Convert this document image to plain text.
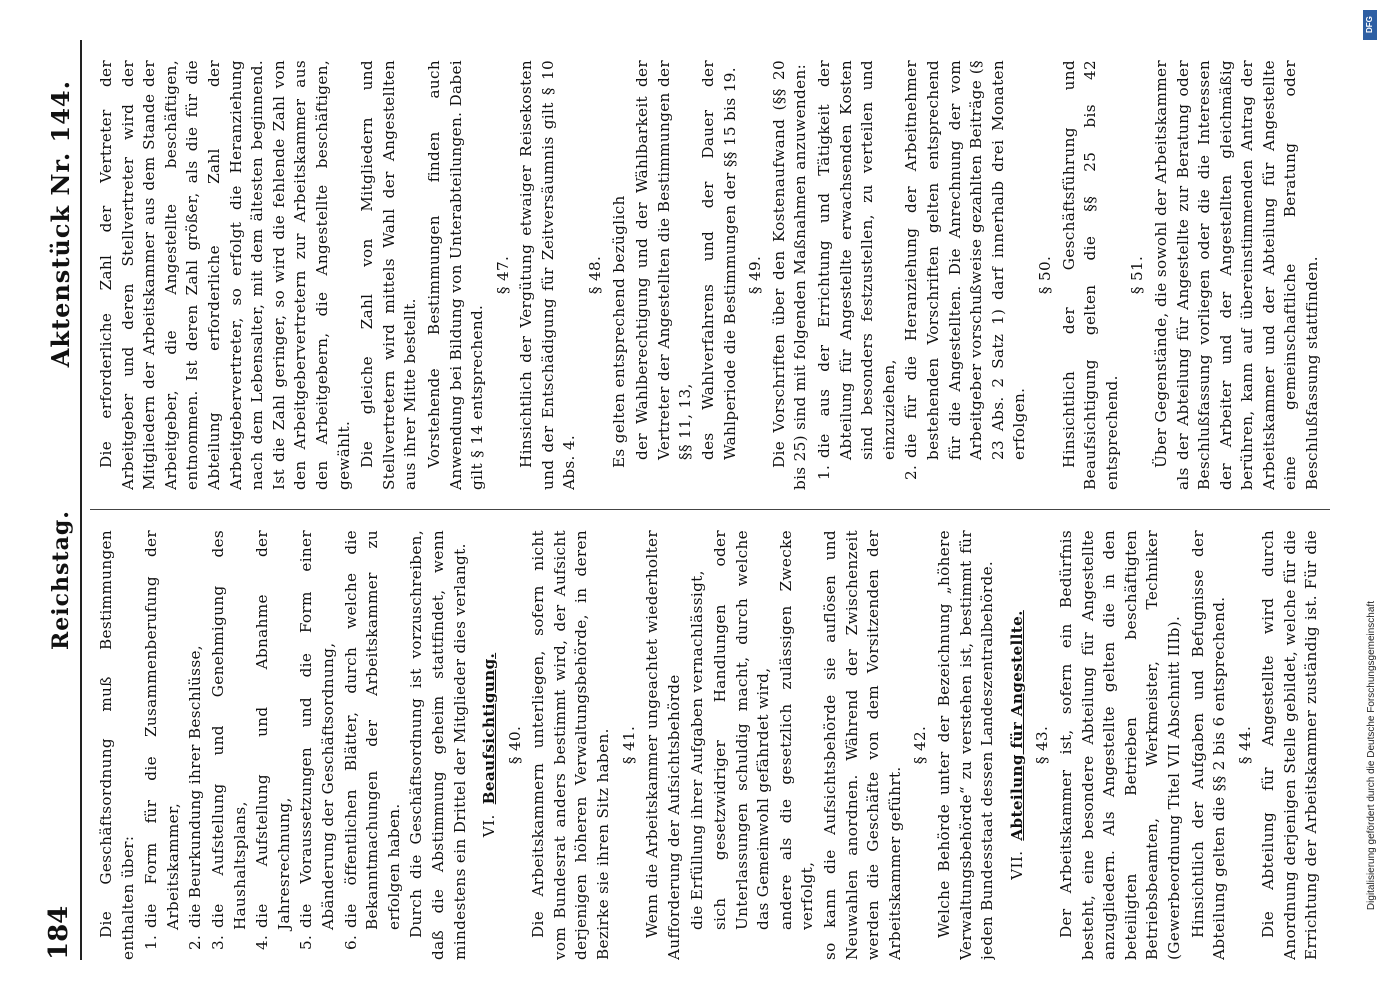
184
Reichstag.
Aktenstück Nr. 144.

Die Geschäftsordnung muß Bestimmungen enthalten über: 1.die Form für die Zusammenberufung der Arbeitskammer,
2.die Beurkundung ihrer Beschlüsse,
3.die Aufstellung und Genehmigung des Haushaltsplans,
4.die Aufstellung und Abnahme der Jahresrechnung,
5.die Voraussetzungen und die Form einer Abänderung der Geschäftsordnung,
6.die öffentlichen Blätter, durch welche die Bekanntmachungen der Arbeitskammer zu erfolgen haben. Durch die Geschäftsordnung ist vorzuschreiben, daß die Abstimmung geheim stattfindet, wenn mindestens ein Drittel der Mitglieder dies verlangt. VI.Beaufsichtigung. § 40. Die Arbeitskammern unterliegen, sofern nicht vom Bundesrat anders bestimmt wird, der Aufsicht derjenigen höheren Verwaltungsbehörde, in deren Bezirke sie ihren Sitz haben. § 41. Wenn die Arbeitskammer ungeachtet wiederholter Aufforderung der Aufsichtsbehörde die Erfüllung ihrer Aufgaben vernachlässigt, sich gesetzwidriger Handlungen oder Unterlassungen schuldig macht, durch welche das Gemeinwohl gefährdet wird, andere als die gesetzlich zulässigen Zwecke verfolgt, so kann die Aufsichtsbehörde sie auflösen und Neuwahlen anordnen. Während der Zwischenzeit werden die Geschäfte von dem Vorsitzenden der Arbeitskammer geführt.

§ 42. Welche Behörde unter der Bezeichnung „höhere Verwaltungsbehörde“ zu verstehen ist, bestimmt für jeden Bundesstaat dessen Landeszentralbehörde. VII.Abteilung für Angestellte. § 43. Der Arbeitskammer ist, sofern ein Bedürfnis besteht, eine besondere Abteilung für Angestellte anzugliedern. Als Angestellte gelten die in den beteiligten Betrieben beschäftigten Betriebsbeamten, Werkmeister, Techniker (Gewerbeordnung Titel VII Abschnitt IIIb). Hinsichtlich der Aufgaben und Befugnisse der Abteilung gelten die §§ 2 bis 6 entsprechend. § 44.

Die Abteilung für Angestellte wird durch Anordnung derjenigen Stelle gebildet, welche für die Errichtung der Arbeitskammer zuständig ist. Für die

Die erforderliche Zahl der Vertreter der Arbeitgeber und deren Stellvertreter wird der Mitgliedern der Arbeitskammer aus dem Stande der Arbeitgeber, die Angestellte beschäftigen, entnommen. Ist deren Zahl größer, als die für die Abteilung erforderliche Zahl der Arbeitgebervertreter, so erfolgt die Heranziehung nach dem Lebensalter, mit dem ältesten beginnend. Ist die Zahl geringer, so wird die fehlende Zahl von den Arbeitgebervertretern zur Arbeitskammer aus den Arbeitgebern, die Angestellte beschäftigen, gewählt. Die gleiche Zahl von Mitgliedern und Stellvertretern wird mittels Wahl der Angestellten aus ihrer Mitte bestellt. Vorstehende Bestimmungen finden auch Anwendung bei Bildung von Unterabteilungen. Dabei gilt § 14 entsprechend.

§ 47. Hinsichtlich der Vergütung etwaiger Reisekosten und der Entschädigung für Zeitversäumnis gilt § 10 Abs. 4.

§ 48. Es gelten entsprechend bezüglich der Wahlberechtigung und der Wählbarkeit der Vertreter der Angestellten die Bestimmungen der §§ 11, 13, des Wahlverfahrens und der Dauer der Wahlperiode die Bestimmungen der §§ 15 bis 19. § 49. Die Vorschriften über den Kostenaufwand (§§ 20 bis 25) sind mit folgenden Maßnahmen anzuwenden: 1.die aus der Errichtung und Tätigkeit der Abteilung für Angestellte erwachsenden Kosten sind besonders festzustellen, zu verteilen und einzuziehen,
2.die für die Heranziehung der Arbeitnehmer bestehenden Vorschriften gelten entsprechend für die Angestellten. Die Anrechnung der vom Arbeitgeber vorschußweise gezahlten Beiträge (§ 23 Abs. 2 Satz 1) darf innerhalb drei Monaten erfolgen.
§ 50. Hinsichtlich der Geschäftsführung und Beaufsichtigung gelten die §§ 25 bis 42 entsprechend.

§ 51. Über Gegenstände, die sowohl der Arbeitskammer als der Abteilung für Angestellte zur Beratung oder Beschlußfassung vorliegen oder die die Interessen der Arbeiter und der Angestellten gleichmäßig berühren, kann auf übereinstimmenden Antrag der Arbeitskammer und der Abteilung für Angestellte eine gemeinschaftliche Beratung oder Beschlußfassung stattfinden.

DFG
Digitalisierung gefördert durch die Deutsche Forschungsgemeinschaft
